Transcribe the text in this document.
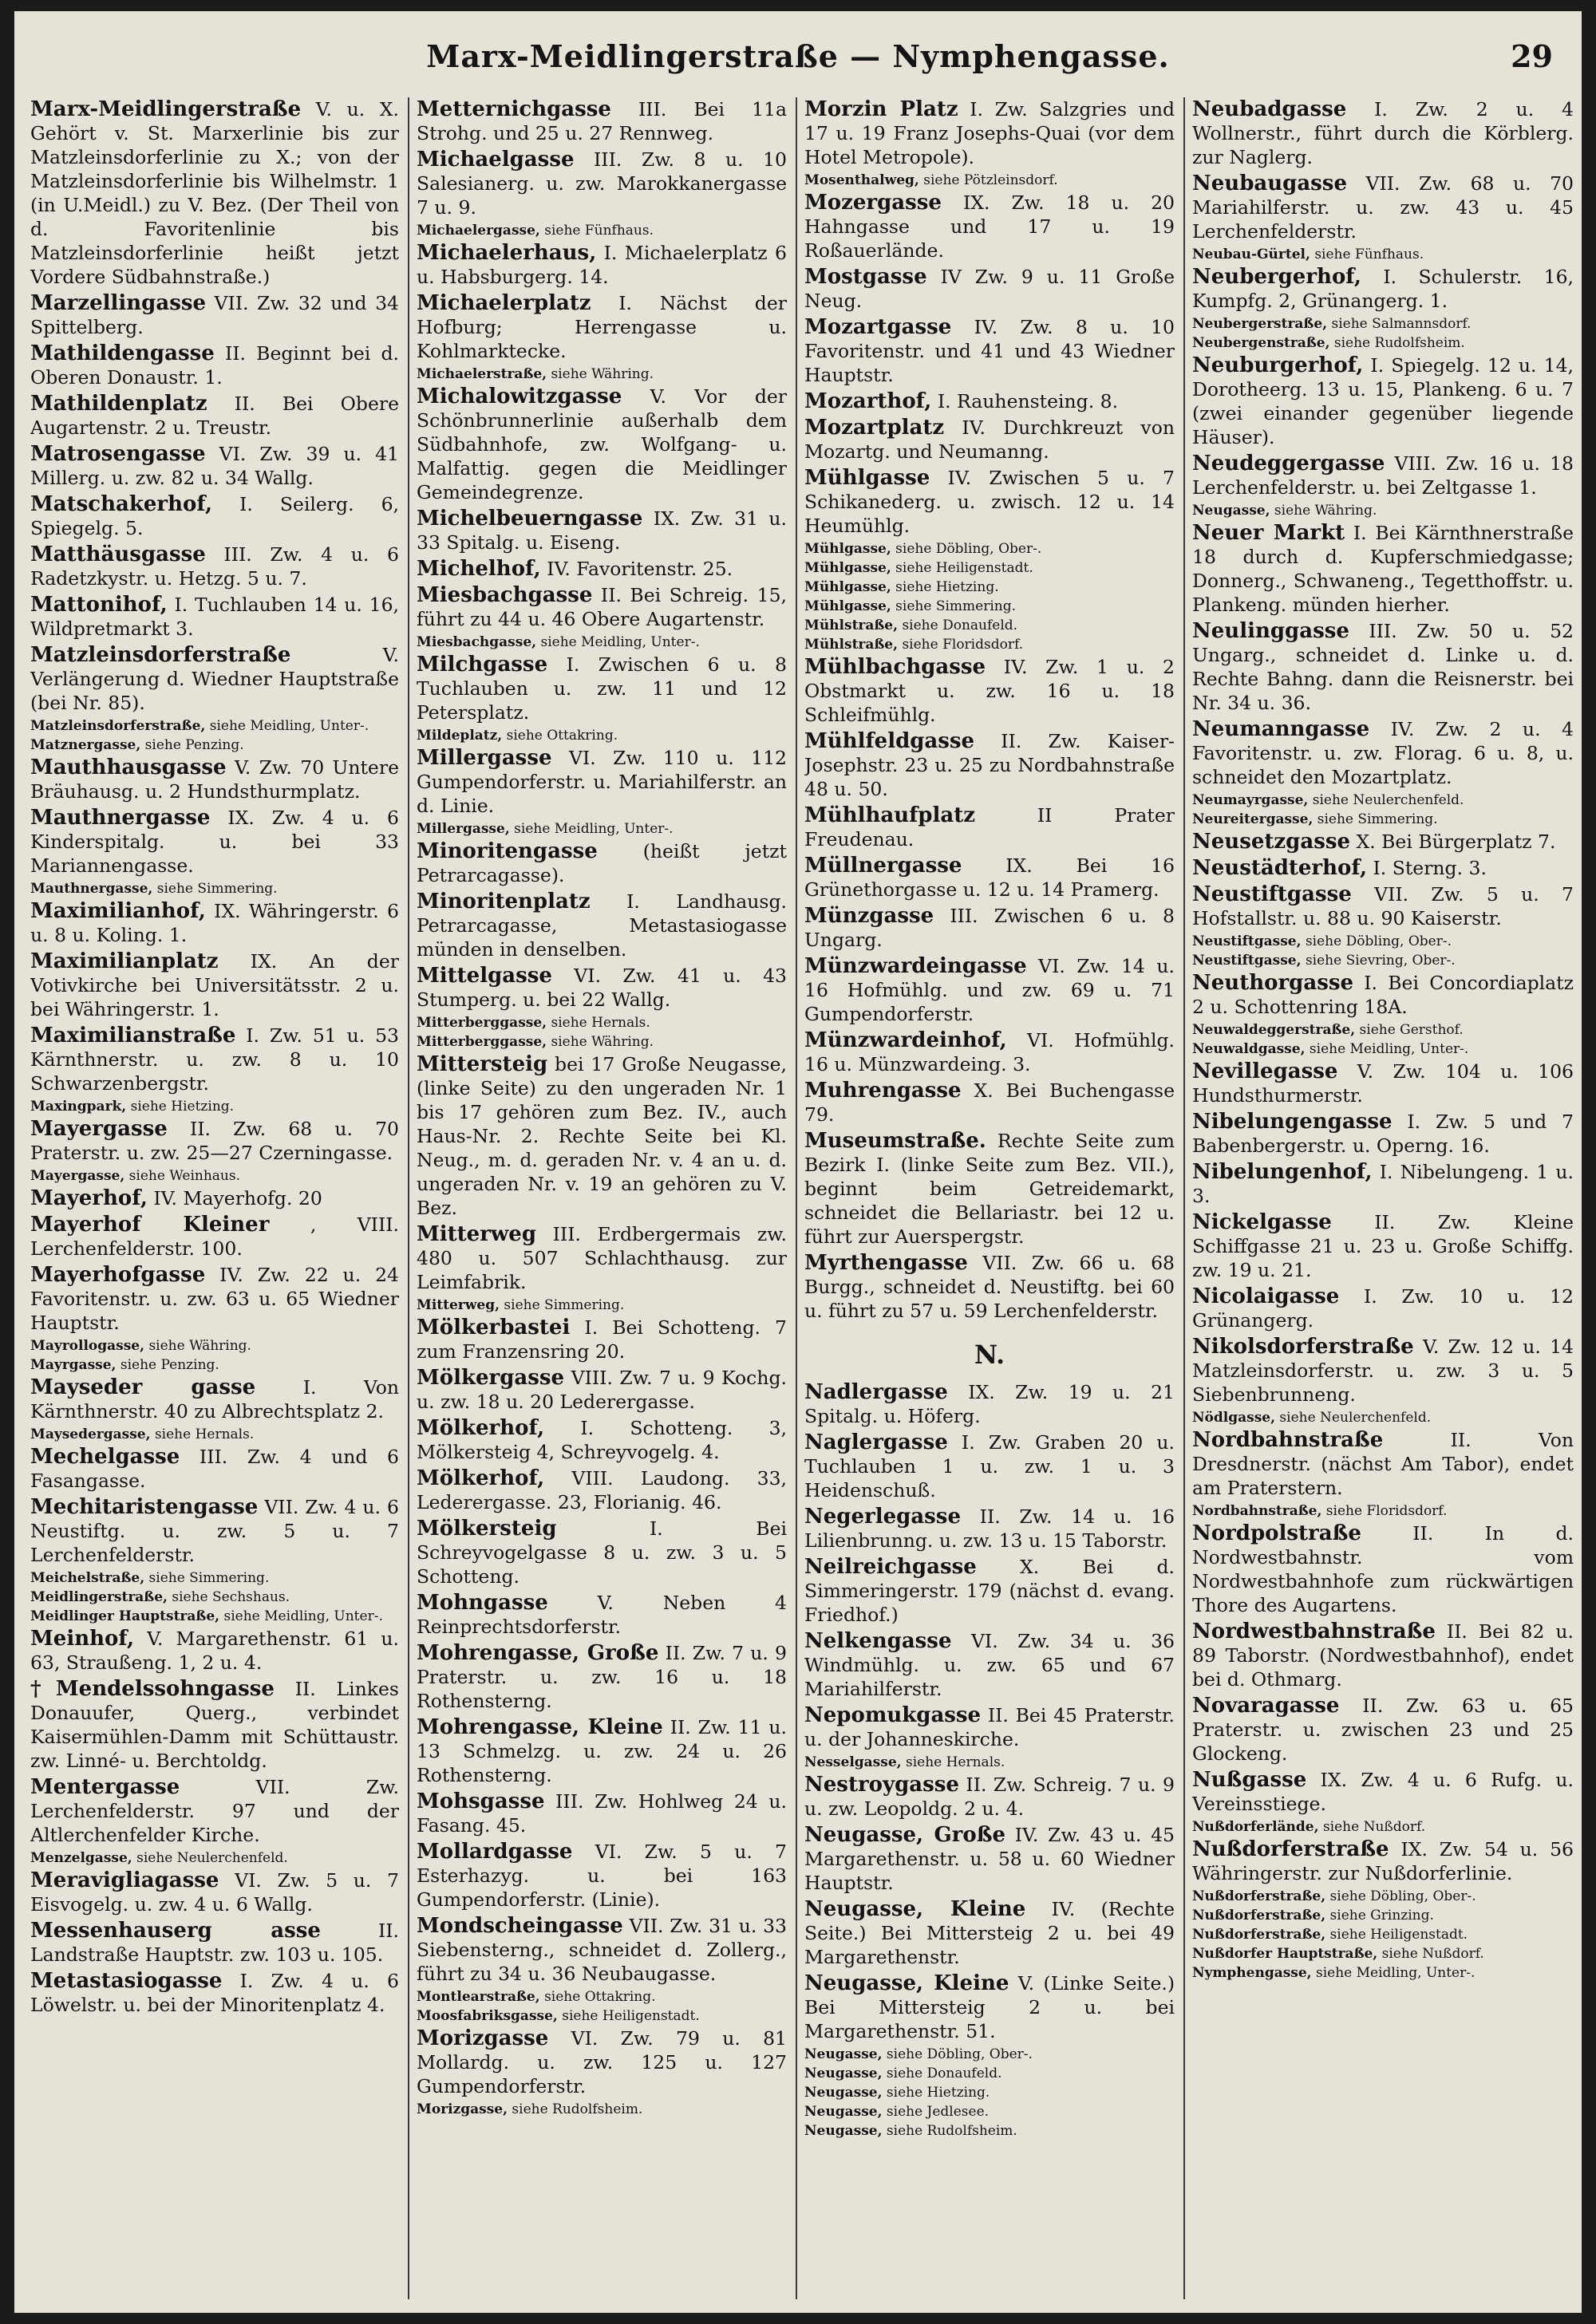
Marx-Meidlingerstraße — Nymphengasse.	29
Marx-Meidlingerstraße V. u. X. Gehört v. St. Marxerlinie bis zur Matzleinsdorferlinie zu X.; von der Matzleinsdorferlinie bis Wilhelmstr. 1 (in U.Meidl.) zu V. Bez. (Der Theil von d. Favoritenlinie bis Matzleinsdorferlinie heißt jetzt Vordere Südbahnstraße.)
Marzellingasse VII. Zw. 32 und 34 Spittelberg.
Mathildengasse II. Beginnt bei d. Oberen Donaustr. 1.
Mathildenplatz II. Bei Obere Augartenstr. 2 u. Treustr.
Matrosengasse VI. Zw. 39 u. 41 Millerg. u. zw. 82 u. 34 Wallg.
Matschakerhof, I. Seilerg. 6, Spiegelg. 5.
Matthäusgasse III. Zw. 4 u. 6 Radetzkystr. u. Hetzg. 5 u. 7.
Mattonihof, I. Tuchlauben 14 u. 16, Wildpretmarkt 3.
Matzleinsdorferstraße V. Verlängerung d. Wiedner Hauptstraße (bei Nr. 85).
Matzleinsdorferstraße, siehe Meidling, Unter-.
Matznergasse, siehe Penzing.
Mauthhausgasse V. Zw. 70 Untere Bräuhausg. u. 2 Hundsthurmplatz.
Mauthnergasse IX. Zw. 4 u. 6 Kinderspitalg. u. bei 33 Mariannengasse.
Mauthnergasse, siehe Simmering.
Maximilianhof, IX. Währingerstr. 6 u. 8 u. Koling. 1.
Maximilianplatz IX. An der Votivkirche bei Universitätsstr. 2 u. bei Währingerstr. 1.
Maximilianstraße I. Zw. 51 u. 53 Kärnthnerstr. u. zw. 8 u. 10 Schwarzenbergstr.
Maxingpark, siehe Hietzing.
Mayergasse II. Zw. 68 u. 70 Praterstr. u. zw. 25—27 Czerningasse.
Mayergasse, siehe Weinhaus.
Mayerhof, IV. Mayerhofg. 20
Mayerhof Kleiner , VIII. Lerchenfelderstr. 100.
Mayerhofgasse IV. Zw. 22 u. 24 Favoritenstr. u. zw. 63 u. 65 Wiedner Hauptstr.
Mayrollogasse, siehe Währing.
Mayrgasse, siehe Penzing.
Mayseder gasse I. Von Kärnthnerstr. 40 zu Albrechtsplatz 2.
Maysedergasse, siehe Hernals.
Mechelgasse III. Zw. 4 und 6 Fasangasse.
Mechitaristengasse VII. Zw. 4 u. 6 Neustiftg. u. zw. 5 u. 7 Lerchenfelderstr.
Meichelstraße, siehe Simmering.
Meidlingerstraße, siehe Sechshaus.
Meidlinger Hauptstraße, siehe Meidling, Unter-.
Meinhof, V. Margarethenstr. 61 u. 63, Straußeng. 1, 2 u. 4.
†Mendelssohngasse II. Linkes Donauufer, Querg., verbindet Kaisermühlen-Damm mit Schüttaustr. zw. Linné- u. Berchtoldg.
Mentergasse VII. Zw. Lerchenfelderstr. 97 und der Altlerchenfelder Kirche.
Menzelgasse, siehe Neulerchenfeld.
Meravigliagasse VI. Zw. 5 u. 7 Eisvogelg. u. zw. 4 u. 6 Wallg.
Messenhauserg asse II. Landstraße Hauptstr. zw. 103 u. 105.
Metastasiogasse I. Zw. 4 u. 6 Löwelstr. u. bei der Minoritenplatz 4.
Metternichgasse III. Bei 11a Strohg. und 25 u. 27 Rennweg.
Michaelgasse III. Zw. 8 u. 10 Salesianerg. u. zw. Marokkanergasse 7 u. 9.
Michaelergasse, siehe Fünfhaus.
Michaelerhaus, I. Michaelerplatz 6 u. Habsburgerg. 14.
Michaelerplatz I. Nächst der Hofburg; Herrengasse u. Kohlmarktecke.
Michaelerstraße, siehe Währing.
Michalowitzgasse V. Vor der Schönbrunnerlinie außerhalb dem Südbahnhofe, zw. Wolfgang- u. Malfattig. gegen die Meidlinger Gemeindegrenze.
Michelbeuerngasse IX. Zw. 31 u. 33 Spitalg. u. Eiseng.
Michelhof, IV. Favoritenstr. 25.
Miesbachgasse II. Bei Schreig. 15, führt zu 44 u. 46 Obere Augartenstr.
Miesbachgasse, siehe Meidling, Unter-.
Milchgasse I. Zwischen 6 u. 8 Tuchlauben u. zw. 11 und 12 Petersplatz.
Mildeplatz, siehe Ottakring.
Millergasse VI. Zw. 110 u. 112 Gumpendorferstr. u. Mariahilferstr. an d. Linie.
Millergasse, siehe Meidling, Unter-.
Minoritengasse (heißt jetzt Petrarcagasse).
Minoritenplatz I. Landhausg. Petrarcagasse, Metastasiogasse münden in denselben.
Mittelgasse VI. Zw. 41 u. 43 Stumperg. u. bei 22 Wallg.
Mitterberggasse, siehe Hernals.
Mitterberggasse, siehe Währing.
Mittersteig bei 17 Große Neugasse, (linke Seite) zu den ungeraden Nr. 1 bis 17 gehören zum Bez. IV., auch Haus-Nr. 2. Rechte Seite bei Kl. Neug., m. d. geraden Nr. v. 4 an u. d. ungeraden Nr. v. 19 an gehören zu V. Bez.
Mitterweg III. Erdbergermais zw. 480 u. 507 Schlachthausg. zur Leimfabrik.
Mitterweg, siehe Simmering.
Mölkerbastei I. Bei Schotteng. 7 zum Franzensring 20.
Mölkergasse VIII. Zw. 7 u. 9 Kochg. u. zw. 18 u. 20 Lederergasse.
Mölkerhof, I. Schotteng. 3, Mölkersteig 4, Schreyvogelg. 4.
Mölkerhof, VIII. Laudong. 33, Lederergasse. 23, Florianig. 46.
Mölkersteig I. Bei Schreyvogelgasse 8 u. zw. 3 u. 5 Schotteng.
Mohngasse V. Neben 4 Reinprechtsdorferstr.
Mohrengasse, Große II. Zw. 7 u. 9 Praterstr. u. zw. 16 u. 18 Rothensterng.
Mohrengasse, Kleine II. Zw. 11 u. 13 Schmelzg. u. zw. 24 u. 26 Rothensterng.
Mohsgasse III. Zw. Hohlweg 24 u. Fasang. 45.
Mollardgasse VI. Zw. 5 u. 7 Esterhazyg. u. bei 163 Gumpendorferstr. (Linie).
Mondscheingasse VII. Zw. 31 u. 33 Siebensterng., schneidet d. Zollerg., führt zu 34 u. 36 Neubaugasse.
Montlearstraße, siehe Ottakring.
Moosfabriksgasse, siehe Heiligenstadt.
Morizgasse VI. Zw. 79 u. 81 Mollardg. u. zw. 125 u. 127 Gumpendorferstr.
Morizgasse, siehe Rudolfsheim.
Morzin Platz I. Zw. Salzgries und 17 u. 19 Franz Josephs-Quai (vor dem Hotel Metropole).
Mosenthalweg, siehe Pötzleinsdorf.
Mozergasse IX. Zw. 18 u. 20 Hahngasse und 17 u. 19 Roßauerlände.
Mostgasse IV Zw. 9 u. 11 Große Neug.
Mozartgasse IV. Zw. 8 u. 10 Favoritenstr. und 41 und 43 Wiedner Hauptstr.
Mozarthof, I. Rauhensteing. 8.
Mozartplatz IV. Durchkreuzt von Mozartg. und Neumanng.
Mühlgasse IV. Zwischen 5 u. 7 Schikanederg. u. zwisch. 12 u. 14 Heumühlg.
Mühlgasse, siehe Döbling, Ober-.
Mühlgasse, siehe Heiligenstadt.
Mühlgasse, siehe Hietzing.
Mühlgasse, siehe Simmering.
Mühlstraße, siehe Donaufeld.
Mühlstraße, siehe Floridsdorf.
Mühlbachgasse IV. Zw. 1 u. 2 Obstmarkt u. zw. 16 u. 18 Schleifmühlg.
Mühlfeldgasse II. Zw. Kaiser-Josephstr. 23 u. 25 zu Nordbahnstraße 48 u. 50.
Mühlhaufplatz II Prater Freudenau.
Müllnergasse IX. Bei 16 Grünethorgasse u. 12 u. 14 Pramerg.
Münzgasse III. Zwischen 6 u. 8 Ungarg.
Münzwardeingasse VI. Zw. 14 u. 16 Hofmühlg. und zw. 69 u. 71 Gumpendorferstr.
Münzwardeinhof, VI. Hofmühlg. 16 u. Münzwardeing. 3.
Muhrengasse X. Bei Buchengasse 79.
Museumstraße. Rechte Seite zum Bezirk I. (linke Seite zum Bez. VII.), beginnt beim Getreidemarkt, schneidet die Bellariastr. bei 12 u. führt zur Auerspergstr.
Myrthengasse VII. Zw. 66 u. 68 Burgg., schneidet d. Neustiftg. bei 60 u. führt zu 57 u. 59 Lerchenfelderstr.
N.
Nadlergasse IX. Zw. 19 u. 21 Spitalg. u. Höferg.
Naglergasse I. Zw. Graben 20 u. Tuchlauben 1 u. zw. 1 u. 3 Heidenschuß.
Negerlegasse II. Zw. 14 u. 16 Lilienbrunng. u. zw. 13 u. 15 Taborstr.
Neilreichgasse X. Bei d. Simmeringerstr. 179 (nächst d. evang. Friedhof.)
Nelkengasse VI. Zw. 34 u. 36 Windmühlg. u. zw. 65 und 67 Mariahilferstr.
Nepomukgasse II. Bei 45 Praterstr. u. der Johanneskirche.
Nesselgasse, siehe Hernals.
Nestroygasse II. Zw. Schreig. 7 u. 9 u. zw. Leopoldg. 2 u. 4.
Neugasse, Große IV. Zw. 43 u. 45 Margarethenstr. u. 58 u. 60 Wiedner Hauptstr.
Neugasse, Kleine IV. (Rechte Seite.) Bei Mittersteig 2 u. bei 49 Margarethenstr.
Neugasse, Kleine V. (Linke Seite.) Bei Mittersteig 2 u. bei Margarethenstr. 51.
Neugasse, siehe Döbling, Ober-.
Neugasse, siehe Donaufeld.
Neugasse, siehe Hietzing.
Neugasse, siehe Jedlesee.
Neugasse, siehe Rudolfsheim.
Neubadgasse I. Zw. 2 u. 4 Wollnerstr., führt durch die Körblerg. zur Naglerg.
Neubaugasse VII. Zw. 68 u. 70 Mariahilferstr. u. zw. 43 u. 45 Lerchenfelderstr.
Neubau-Gürtel, siehe Fünfhaus.
Neubergerhof, I. Schulerstr. 16, Kumpfg. 2, Grünangerg. 1.
Neubergerstraße, siehe Salmannsdorf.
Neubergenstraße, siehe Rudolfsheim.
Neuburgerhof, I. Spiegelg. 12 u. 14, Dorotheerg. 13 u. 15, Plankeng. 6 u. 7 (zwei einander gegenüber liegende Häuser).
Neudeggergasse VIII. Zw. 16 u. 18 Lerchenfelderstr. u. bei Zeltgasse 1.
Neugasse, siehe Währing.
Neuer Markt I. Bei Kärnthnerstraße 18 durch d. Kupferschmiedgasse; Donnerg., Schwaneng., Tegetthoffstr. u. Plankeng. münden hierher.
Neulinggasse III. Zw. 50 u. 52 Ungarg., schneidet d. Linke u. d. Rechte Bahng. dann die Reisnerstr. bei Nr. 34 u. 36.
Neumanngasse IV. Zw. 2 u. 4 Favoritenstr. u. zw. Florag. 6 u. 8, u. schneidet den Mozartplatz.
Neumayrgasse, siehe Neulerchenfeld.
Neureitergasse, siehe Simmering.
Neusetzgasse X. Bei Bürgerplatz 7.
Neustädterhof, I. Sterng. 3.
Neustiftgasse VII. Zw. 5 u. 7 Hofstallstr. u. 88 u. 90 Kaiserstr.
Neustiftgasse, siehe Döbling, Ober-.
Neustiftgasse, siehe Sievring, Ober-.
Neuthorgasse I. Bei Concordiaplatz 2 u. Schottenring 18A.
Neuwaldeggerstraße, siehe Gersthof.
Neuwaldgasse, siehe Meidling, Unter-.
Nevillegasse V. Zw. 104 u. 106 Hundsthurmerstr.
Nibelungengasse I. Zw. 5 und 7 Babenbergerstr. u. Operng. 16.
Nibelungenhof, I. Nibelungeng. 1 u. 3.
Nickelgasse II. Zw. Kleine Schiffgasse 21 u. 23 u. Große Schiffg. zw. 19 u. 21.
Nicolaigasse I. Zw. 10 u. 12 Grünangerg.
Nikolsdorferstraße V. Zw. 12 u. 14 Matzleinsdorferstr. u. zw. 3 u. 5 Siebenbrunneng.
Nödlgasse, siehe Neulerchenfeld.
Nordbahnstraße II. Von Dresdnerstr. (nächst Am Tabor), endet am Praterstern.
Nordbahnstraße, siehe Floridsdorf.
Nordpolstraße II. In d. Nordwestbahnstr. vom Nordwestbahnhofe zum rückwärtigen Thore des Augartens.
Nordwestbahnstraße II. Bei 82 u. 89 Taborstr. (Nordwestbahnhof), endet bei d. Othmarg.
Novaragasse II. Zw. 63 u. 65 Praterstr. u. zwischen 23 und 25 Glockeng.
Nußgasse IX. Zw. 4 u. 6 Rufg. u. Vereinsstiege.
Nußdorferlände, siehe Nußdorf.
Nußdorferstraße IX. Zw. 54 u. 56 Währingerstr. zur Nußdorferlinie.
Nußdorferstraße, siehe Döbling, Ober-.
Nußdorferstraße, siehe Grinzing.
Nußdorferstraße, siehe Heiligenstadt.
Nußdorfer Hauptstraße, siehe Nußdorf.
Nymphengasse, siehe Meidling, Unter-.
